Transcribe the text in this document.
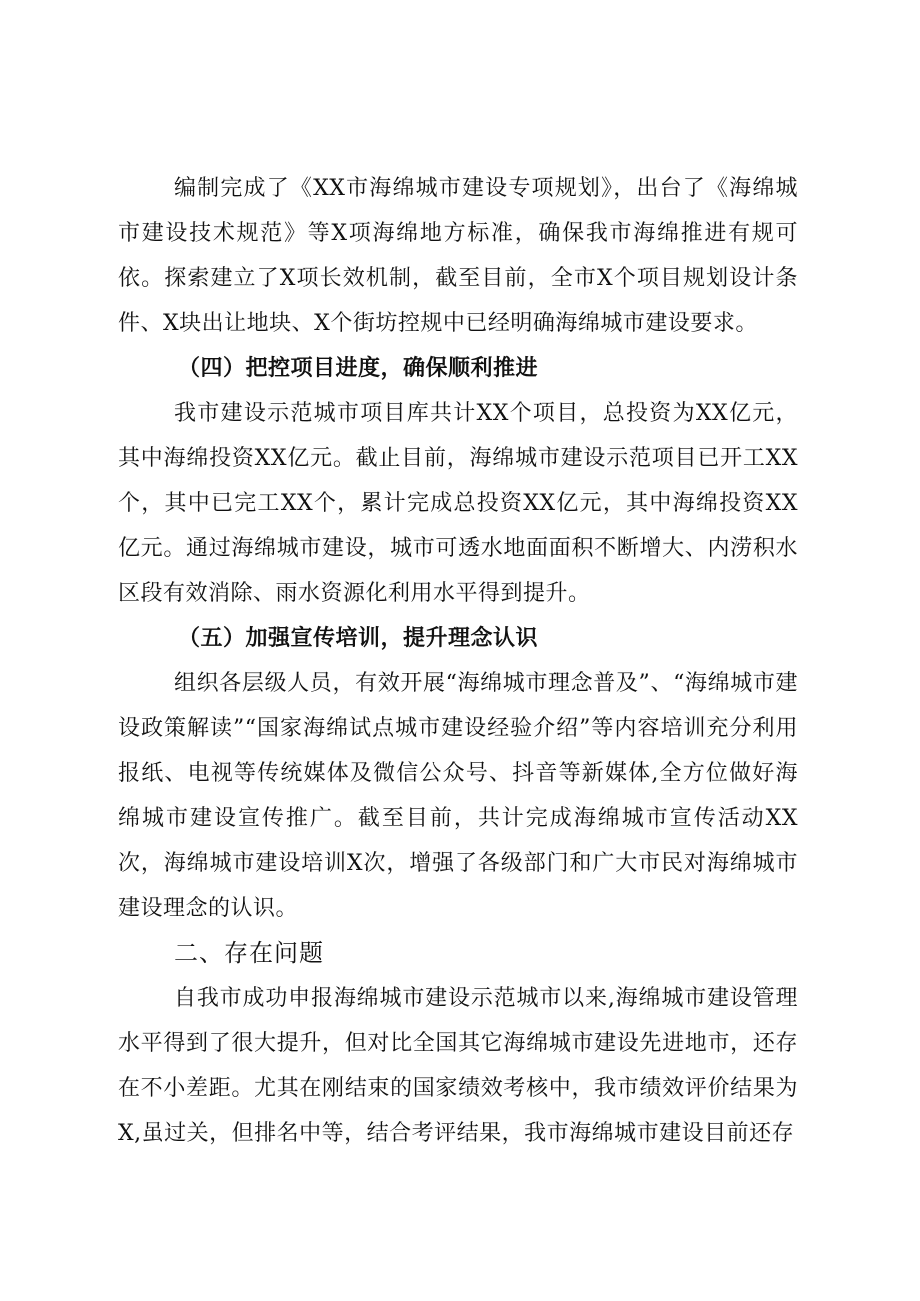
编制完成了《XX市海绵城市建设专项规划》，出台了《海绵城市建设技术规范》等X项海绵地方标准，确保我市海绵推进有规可依。探索建立了X项长效机制，截至目前，全市X个项目规划设计条件、X块出让地块、X个街坊控规中已经明确海绵城市建设要求。

（四）把控项目进度，确保顺利推进

我市建设示范城市项目库共计XX个项目，总投资为XX亿元，其中海绵投资XX亿元。截止目前，海绵城市建设示范项目已开工XX个，其中已完工XX个，累计完成总投资XX亿元，其中海绵投资XX亿元。通过海绵城市建设，城市可透水地面面积不断增大、内涝积水区段有效消除、雨水资源化利用水平得到提升。

（五）加强宣传培训，提升理念认识

组织各层级人员，有效开展“海绵城市理念普及”、“海绵城市建设政策解读”“国家海绵试点城市建设经验介绍”等内容培训充分利用报纸、电视等传统媒体及微信公众号、抖音等新媒体,全方位做好海绵城市建设宣传推广。截至目前，共计完成海绵城市宣传活动XX次，海绵城市建设培训X次，增强了各级部门和广大市民对海绵城市建设理念的认识。

二、存在问题

自我市成功申报海绵城市建设示范城市以来,海绵城市建设管理水平得到了很大提升，但对比全国其它海绵城市建设先进地市，还存在不小差距。尤其在刚结束的国家绩效考核中，我市绩效评价结果为X,虽过关，但排名中等，结合考评结果，我市海绵城市建设目前还存
